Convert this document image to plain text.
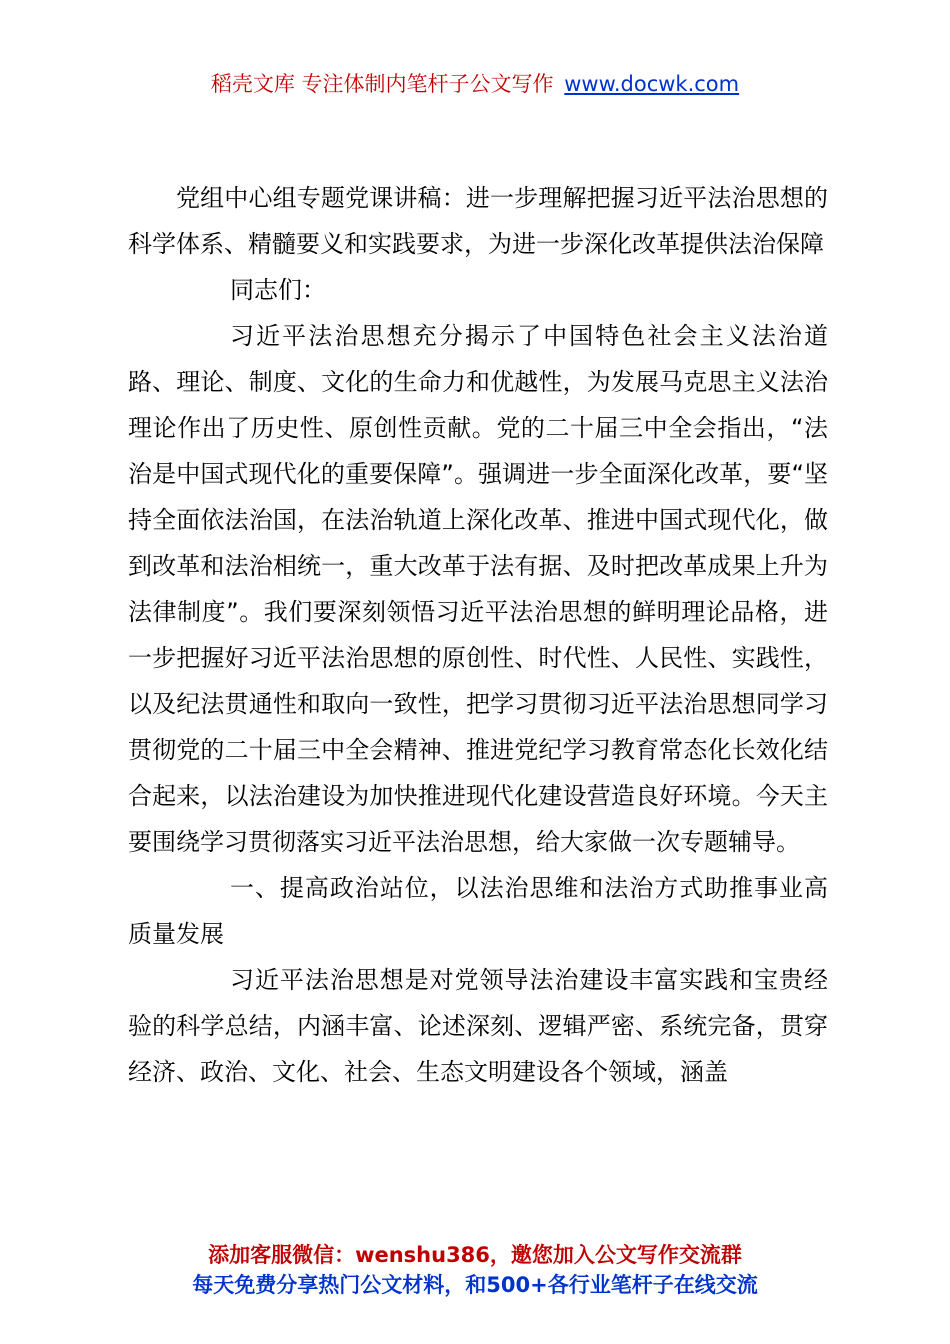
稻壳文库 专注体制内笔杆子公文写作 www.docwk.com

党组中心组专题党课讲稿：进一步理解把握习近平法治思想的科学体系、精髓要义和实践要求，为进一步深化改革提供法治保障

同志们：

习近平法治思想充分揭示了中国特色社会主义法治道路、理论、制度、文化的生命力和优越性，为发展马克思主义法治理论作出了历史性、原创性贡献。党的二十届三中全会指出，“法治是中国式现代化的重要保障”。强调进一步全面深化改革，要“坚持全面依法治国，在法治轨道上深化改革、推进中国式现代化，做到改革和法治相统一，重大改革于法有据、及时把改革成果上升为法律制度”。我们要深刻领悟习近平法治思想的鲜明理论品格，进一步把握好习近平法治思想的原创性、时代性、人民性、实践性，以及纪法贯通性和取向一致性，把学习贯彻习近平法治思想同学习贯彻党的二十届三中全会精神、推进党纪学习教育常态化长效化结合起来，以法治建设为加快推进现代化建设营造良好环境。今天主要围绕学习贯彻落实习近平法治思想，给大家做一次专题辅导。

一、提高政治站位，以法治思维和法治方式助推事业高质量发展

习近平法治思想是对党领导法治建设丰富实践和宝贵经验的科学总结，内涵丰富、论述深刻、逻辑严密、系统完备，贯穿经济、政治、文化、社会、生态文明建设各个领域，涵盖

添加客服微信：wenshu386，邀您加入公文写作交流群
每天免费分享热门公文材料，和500+各行业笔杆子在线交流
